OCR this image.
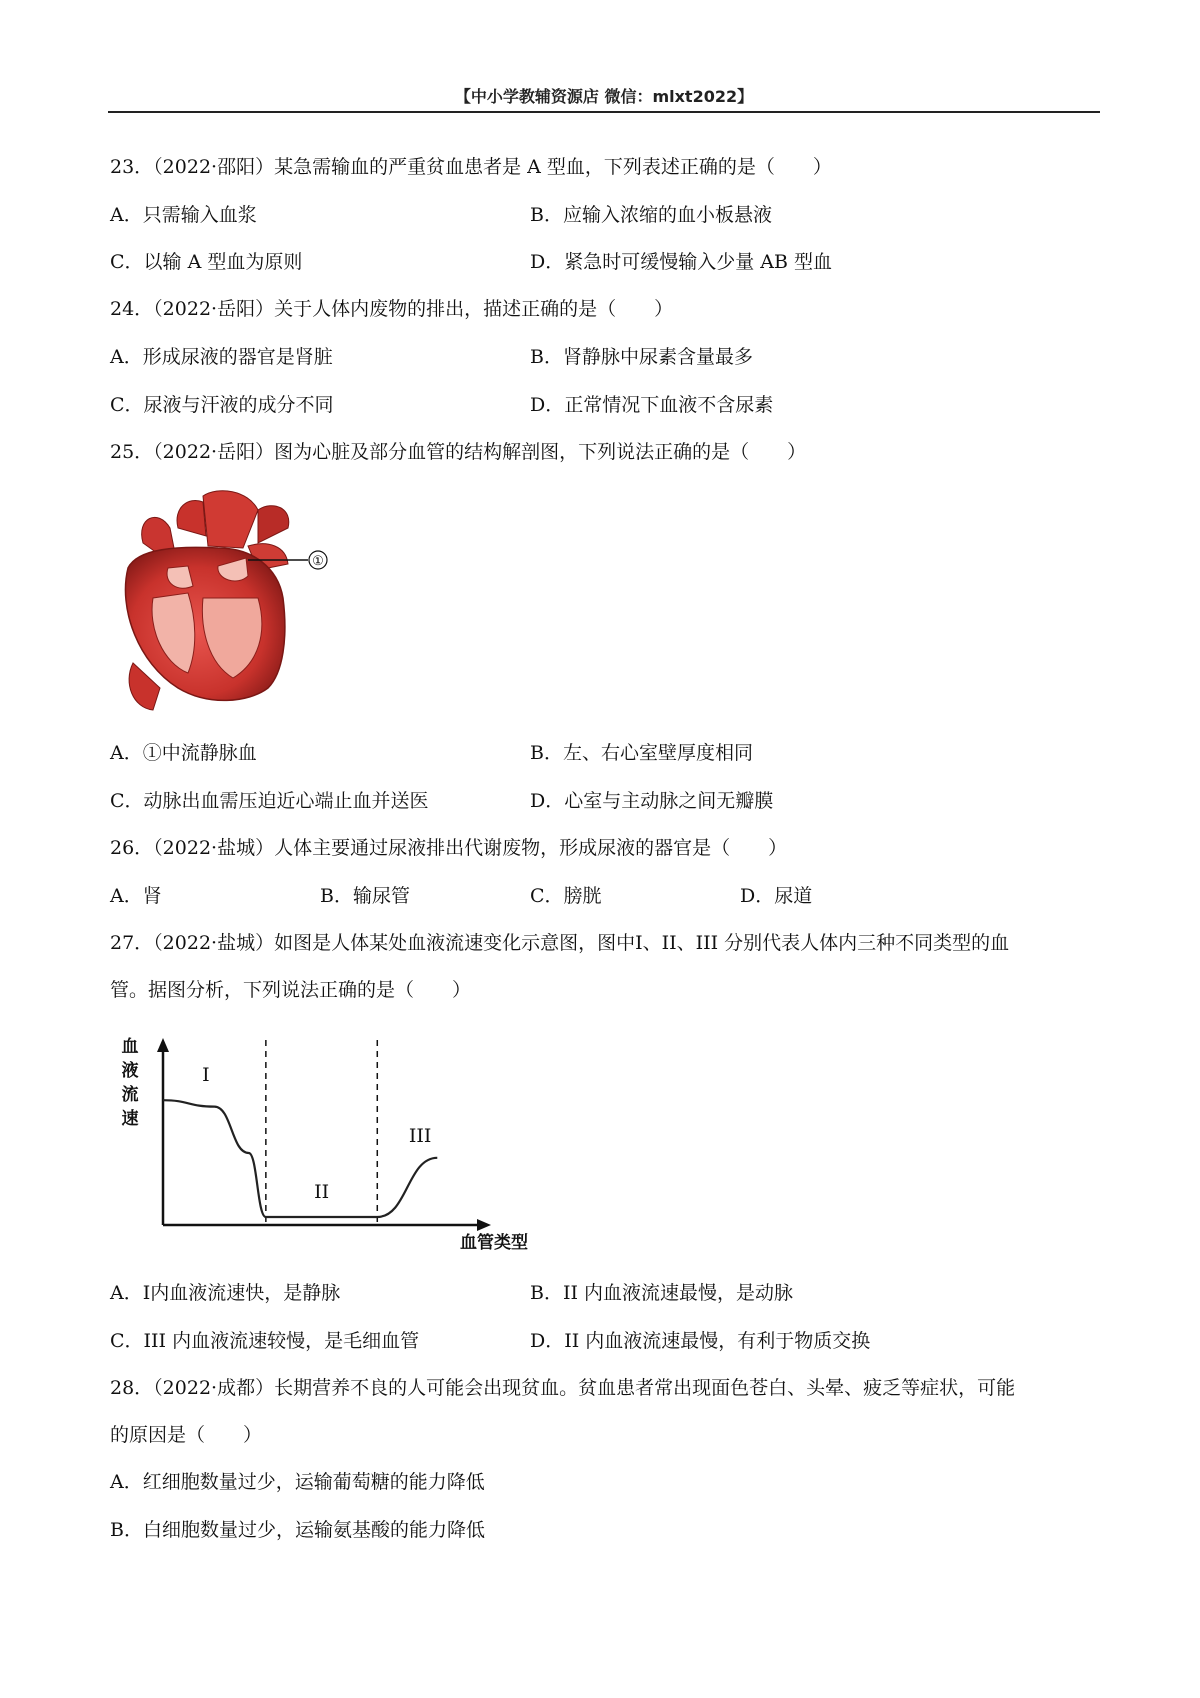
【中小学教辅资源店 微信：mlxt2022】
23．（2022·邵阳）某急需输血的严重贫血患者是 A 型血，下列表述正确的是（　　）
A．只需输入血浆	B．应输入浓缩的血小板悬液
C．以输 A 型血为原则	D．紧急时可缓慢输入少量 AB 型血
24．（2022·岳阳）关于人体内废物的排出，描述正确的是（　　）
A．形成尿液的器官是肾脏	B．肾静脉中尿素含量最多
C．尿液与汗液的成分不同	D．正常情况下血液不含尿素
25．（2022·岳阳）图为心脏及部分血管的结构解剖图，下列说法正确的是（　　）
①
A．①中流静脉血	B．左、右心室壁厚度相同
C．动脉出血需压迫近心端止血并送医	D．心室与主动脉之间无瓣膜
26．（2022·盐城）人体主要通过尿液排出代谢废物，形成尿液的器官是（　　）
A．肾	B．输尿管	C．膀胱	D．尿道
27．（2022·盐城）如图是人体某处血液流速变化示意图，图中Ⅰ、II、III 分别代表人体内三种不同类型的血
管。据图分析，下列说法正确的是（　　）
血
液
流
速
I
II
III
血管类型
A．Ⅰ内血液流速快，是静脉	B．II 内血液流速最慢，是动脉
C．III 内血液流速较慢，是毛细血管	D．II 内血液流速最慢，有利于物质交换
28．（2022·成都）长期营养不良的人可能会出现贫血。贫血患者常出现面色苍白、头晕、疲乏等症状，可能
的原因是（　　）
A．红细胞数量过少，运输葡萄糖的能力降低
B．白细胞数量过少，运输氨基酸的能力降低
